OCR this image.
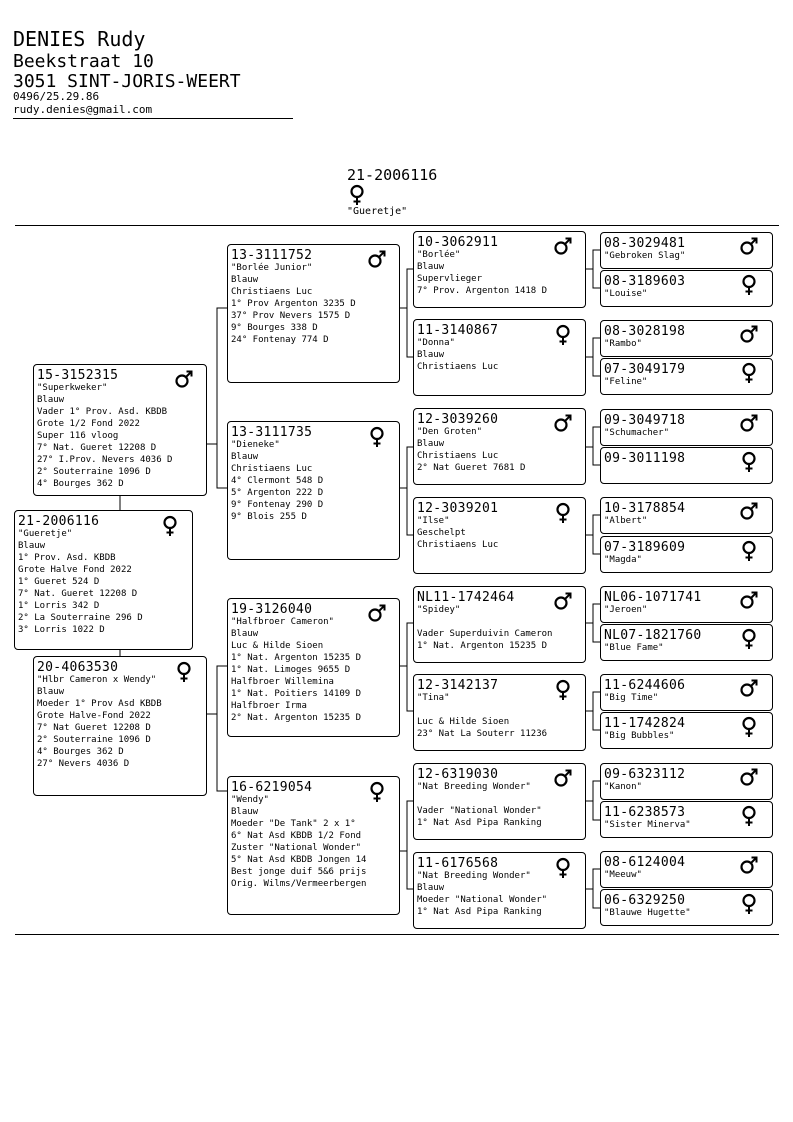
DENIES Rudy
Beekstraat 10
3051 SINT-JORIS-WEERT
0496/25.29.86
rudy.denies@gmail.com
21-2006116
"Gueretje"
21-2006116
"Gueretje"
Blauw
1° Prov. Asd. KBDB
Grote Halve Fond 2022
1° Gueret 524 D
7° Nat. Gueret 12208 D
1° Lorris 342 D
2° La Souterraine 296 D
3° Lorris 1022 D
15-3152315
"Superkweker"
Blauw
Vader 1° Prov. Asd. KBDB
Grote 1/2 Fond 2022
Super 116 vloog
7° Nat. Gueret 12208 D
27° I.Prov. Nevers 4036 D
2° Souterraine 1096 D
4° Bourges 362 D
20-4063530
"Hlbr Cameron x Wendy"
Blauw
Moeder 1° Prov Asd KBDB
Grote Halve-Fond 2022
7° Nat Gueret 12208 D
2° Souterraine 1096 D
4° Bourges 362 D
27° Nevers 4036 D
13-3111752
"Borlée Junior"
Blauw
Christiaens Luc
1° Prov Argenton 3235 D
37° Prov Nevers 1575 D
9° Bourges 338 D
24° Fontenay 774 D
13-3111735
"Dieneke"
Blauw
Christiaens Luc
4° Clermont 548 D
5° Argenton 222 D
9° Fontenay 290 D
9° Blois 255 D
19-3126040
"Halfbroer Cameron"
Blauw
Luc & Hilde Sioen
1° Nat. Argenton 15235 D
1° Nat. Limoges 9655 D
Halfbroer Willemina
1° Nat. Poitiers 14109 D
Halfbroer Irma
2° Nat. Argenton 15235 D
16-6219054
"Wendy"
Blauw
Moeder "De Tank" 2 x 1°
6° Nat Asd KBDB 1/2 Fond
Zuster "National Wonder"
5° Nat Asd KBDB Jongen 14
Best jonge duif 5&6 prijs
Orig. Wilms/Vermeerbergen
10-3062911
"Borlée"
Blauw
Supervlieger
7° Prov. Argenton 1418 D
11-3140867
"Donna"
Blauw
Christiaens Luc
12-3039260
"Den Groten"
Blauw
Christiaens Luc
2° Nat Gueret 7681 D
12-3039201
"Ilse"
Geschelpt
Christiaens Luc
NL11-1742464
"Spidey"

Vader Superduivin Cameron
1° Nat. Argenton 15235 D
12-3142137
"Tina"

Luc & Hilde Sioen
23° Nat La Souterr 11236
12-6319030
"Nat Breeding Wonder"

Vader "National Wonder"
1° Nat Asd Pipa Ranking
11-6176568
"Nat Breeding Wonder"
Blauw
Moeder "National Wonder"
1° Nat Asd Pipa Ranking
08-3029481
"Gebroken Slag"
08-3189603
"Louise"
08-3028198
"Rambo"
07-3049179
"Feline"
09-3049718
"Schumacher"
09-3011198
10-3178854
"Albert"
07-3189609
"Magda"
NL06-1071741
"Jeroen"
NL07-1821760
"Blue Fame"
11-6244606
"Big Time"
11-1742824
"Big Bubbles"
09-6323112
"Kanon"
11-6238573
"Sister Minerva"
08-6124004
"Meeuw"
06-6329250
"Blauwe Hugette"
